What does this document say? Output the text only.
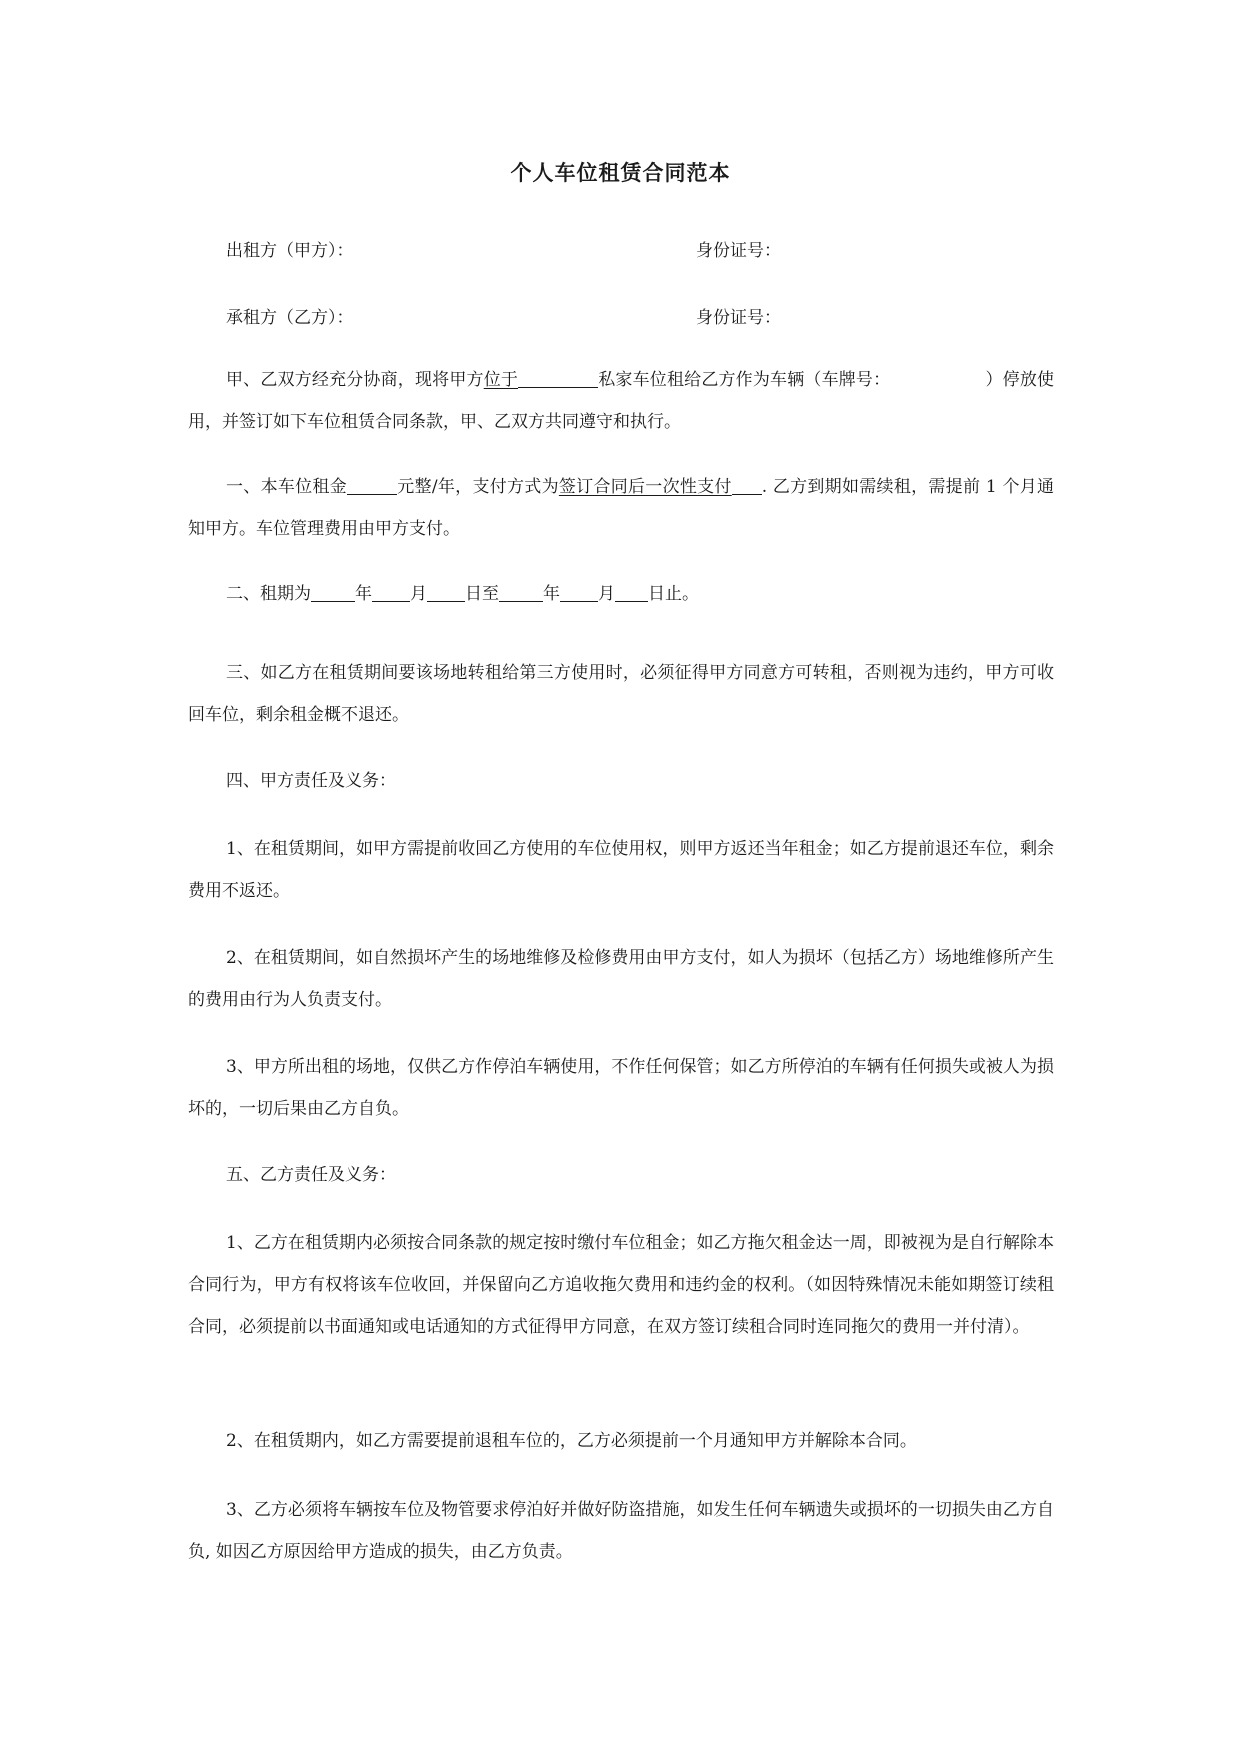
个人车位租赁合同范本
出租方（甲方）：	身份证号：
承租方（乙方）：	身份证号：

甲、乙双方经充分协商，现将甲方位于	私家车位租给乙方作为车辆（车牌号：	）停放使用，并签订如下车位租赁合同条款，甲、乙双方共同遵守和执行。

一、本车位租金	元整/年，支付方式为签订合同后一次性支付 . 乙方到期如需续租，需提前 1 个月通知甲方。车位管理费用由甲方支付。

二、租期为	年 月 日至	年 月 日止。

三、如乙方在租赁期间要该场地转租给第三方使用时，必须征得甲方同意方可转租，否则视为违约，甲方可收回车位，剩余租金概不退还。

四、甲方责任及义务：

1、在租赁期间，如甲方需提前收回乙方使用的车位使用权，则甲方返还当年租金；如乙方提前退还车位，剩余费用不返还。

2、在租赁期间，如自然损坏产生的场地维修及检修费用由甲方支付，如人为损坏（包括乙方）场地维修所产生的费用由行为人负责支付。

3、甲方所出租的场地，仅供乙方作停泊车辆使用，不作任何保管；如乙方所停泊的车辆有任何损失或被人为损坏的，一切后果由乙方自负。

五、乙方责任及义务：

1、乙方在租赁期内必须按合同条款的规定按时缴付车位租金；如乙方拖欠租金达一周，即被视为是自行解除本合同行为，甲方有权将该车位收回，并保留向乙方追收拖欠费用和违约金的权利。（如因特殊情况未能如期签订续租合同，必须提前以书面通知或电话通知的方式征得甲方同意，在双方签订续租合同时连同拖欠的费用一并付清）。

2、在租赁期内，如乙方需要提前退租车位的，乙方必须提前一个月通知甲方并解除本合同。

3、乙方必须将车辆按车位及物管要求停泊好并做好防盗措施，如发生任何车辆遗失或损坏的一切损失由乙方自负, 如因乙方原因给甲方造成的损失，由乙方负责。
